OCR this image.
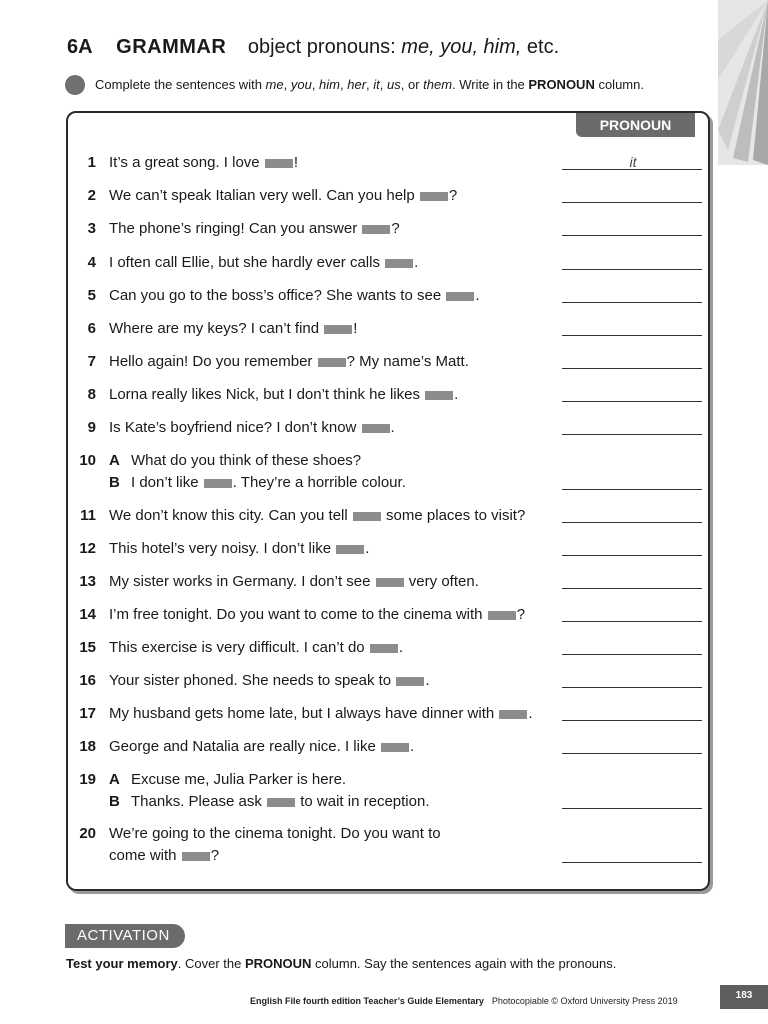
6A GRAMMAR object pronouns: me, you, him, etc.
Complete the sentences with me, you, him, her, it, us, or them. Write in the PRONOUN column.
PRONOUN
1 It’s a great song. I love !	it
2 We can’t speak Italian very well. Can you help ?
3 The phone’s ringing! Can you answer ?
4 I often call Ellie, but she hardly ever calls .
5 Can you go to the boss’s office? She wants to see .
6 Where are my keys? I can’t find !
7 Hello again! Do you remember ? My name’s Matt.
8 Lorna really likes Nick, but I don’t think he likes .
9 Is Kate’s boyfriend nice? I don’t know .
10 A What do you think of these shoes?
B I don’t like . They’re a horrible colour.
11 We don’t know this city. Can you tell  some places to visit?
12 This hotel’s very noisy. I don’t like .
13 My sister works in Germany. I don’t see  very often.
14 I’m free tonight. Do you want to come to the cinema with ?
15 This exercise is very difficult. I can’t do .
16 Your sister phoned. She needs to speak to .
17 My husband gets home late, but I always have dinner with .
18 George and Natalia are really nice. I like .
19 A Excuse me, Julia Parker is here.
B Thanks. Please ask  to wait in reception.
20 We’re going to the cinema tonight. Do you want to
come with ?
ACTIVATION
Test your memory. Cover the PRONOUN column. Say the sentences again with the pronouns.
English File fourth edition Teacher’s Guide Elementary Photocopiable © Oxford University Press 2019	183
